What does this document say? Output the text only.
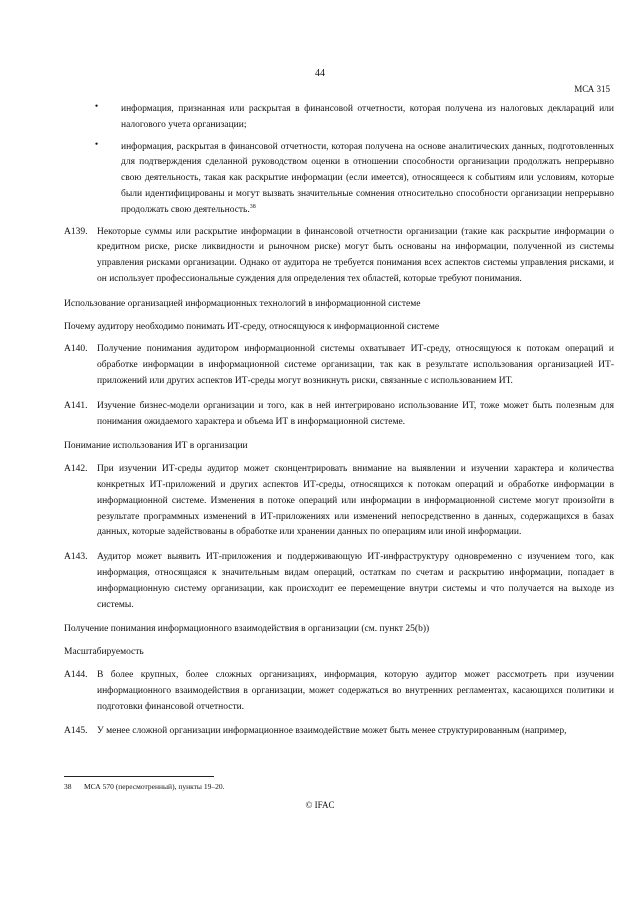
44
МСА 315
•	информация, признанная или раскрытая в финансовой отчетности, которая получена из налоговых деклараций или налогового учета организации;

•	информация, раскрытая в финансовой отчетности, которая получена на основе аналитических данных, подготовленных для подтверждения сделанной руководством оценки в отношении способности организации продолжать непрерывно свою деятельность, такая как раскрытие информации (если имеется), относящееся к событиям или условиям, которые были идентифицированы и могут вызвать значительные сомнения относительно способности организации непрерывно продолжать свою деятельность.$^{38}$

A139.	Некоторые суммы или раскрытие информации в финансовой отчетности организации (такие как раскрытие информации о кредитном риске, риске ликвидности и рыночном риске) могут быть основаны на информации, полученной из системы управления рисками организации. Однако от аудитора не требуется понимания всех аспектов системы управления рисками, и он использует профессиональные суждения для определения тех областей, которые требуют понимания.

Использование организацией информационных технологий в информационной системе
Почему аудитору необходимо понимать ИТ-среду, относящуюся к информационной системе
A140.	Получение понимания аудитором информационной системы охватывает ИТ-среду, относящуюся к потокам операций и обработке информации в информационной системе организации, так как в результате использования организацией ИТ-приложений или других аспектов ИТ-среды могут возникнуть риски, связанные с использованием ИТ.

A141.	Изучение бизнес-модели организации и того, как в ней интегрировано использование ИТ, тоже может быть полезным для понимания ожидаемого характера и объема ИТ в информационной системе.

Понимание использования ИТ в организации
A142.	При изучении ИТ-среды аудитор может сконцентрировать внимание на выявлении и изучении характера и количества конкретных ИТ-приложений и других аспектов ИТ-среды, относящихся к потокам операций и обработке информации в информационной системе. Изменения в потоке операций или информации в информационной системе могут произойти в результате программных изменений в ИТ-приложениях или изменений непосредственно в данных, содержащихся в базах данных, которые задействованы в обработке или хранении данных по операциям или иной информации.

A143.	Аудитор может выявить ИТ-приложения и поддерживающую ИТ-инфраструктуру одновременно с изучением того, как информация, относящаяся к значительным видам операций, остаткам по счетам и раскрытию информации, попадает в информационную систему организации, как происходит ее перемещение внутри системы и что получается на выходе из системы.

Получение понимания информационного взаимодействия в организации (см. пункт 25(b))
Масштабируемость
A144.	В более крупных, более сложных организациях, информация, которую аудитор может рассмотреть при изучении информационного взаимодействия в организации, может содержаться во внутренних регламентах, касающихся политики и подготовки финансовой отчетности.

A145.	У менее сложной организации информационное взаимодействие может быть менее структурированным (например,

38	МСА 570 (пересмотренный), пункты 19–20.
© IFAC
